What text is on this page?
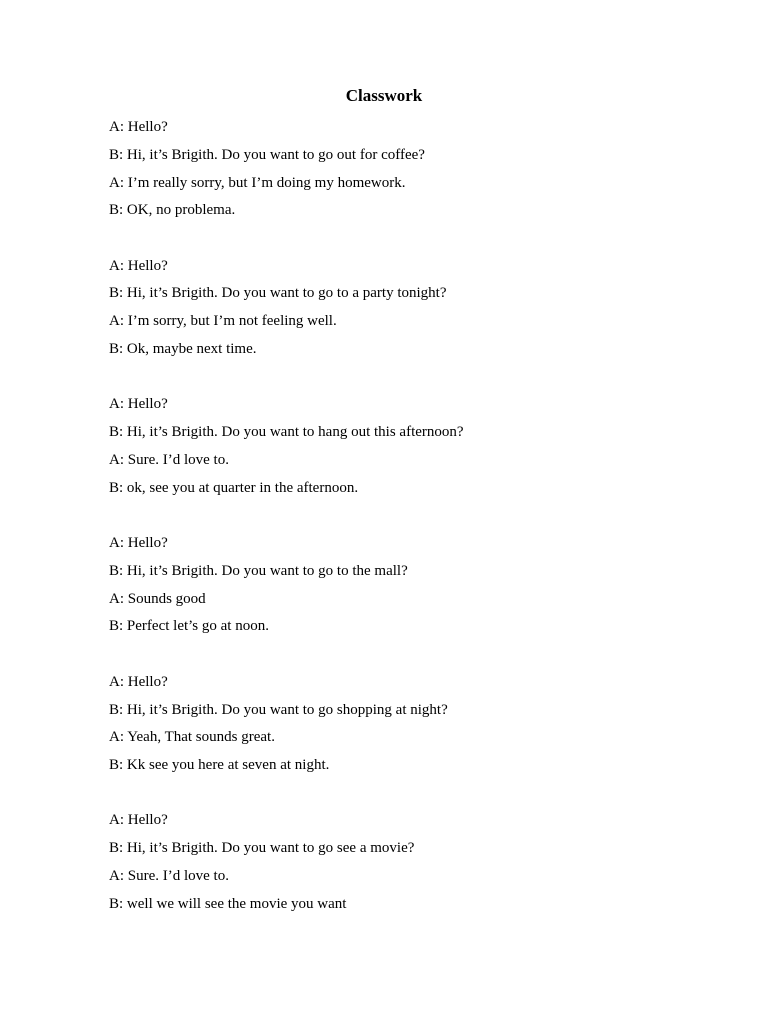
Classwork
A: Hello?
B: Hi, it’s Brigith. Do you want to go out for coffee?
A: I’m really sorry, but I’m doing my homework.
B: OK, no problema.
A: Hello?
B: Hi, it’s Brigith. Do you want to go to a party tonight?
A: I’m sorry, but I’m not feeling well.
B: Ok, maybe next time.
A: Hello?
B: Hi, it’s Brigith. Do you want to hang out this afternoon?
A: Sure. I’d love to.
B: ok, see you at quarter in the afternoon.
A: Hello?
B: Hi, it’s Brigith. Do you want to go to the mall?
A: Sounds good
B: Perfect let’s go at noon.
A: Hello?
B: Hi, it’s Brigith. Do you want to go shopping at night?
A: Yeah, That sounds great.
B: Kk see you here at seven at night.
A: Hello?
B: Hi, it’s Brigith. Do you want to go see a movie?
A: Sure. I’d love to.
B: well we will see the movie you want
